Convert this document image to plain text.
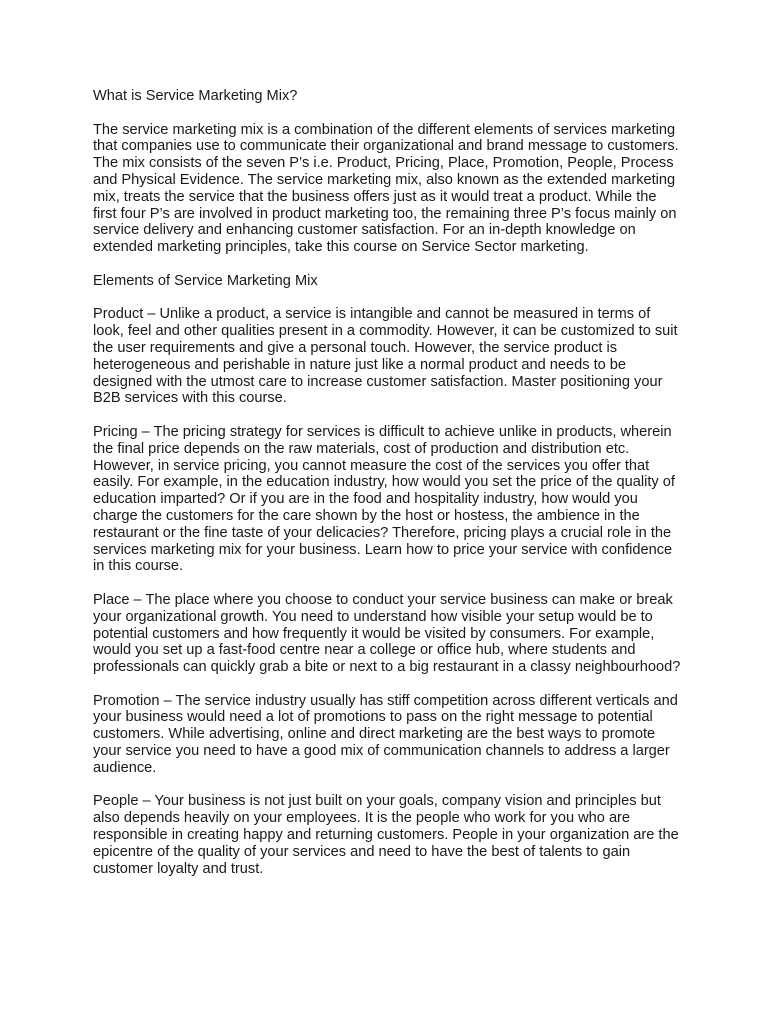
What is Service Marketing Mix?

The service marketing mix is a combination of the different elements of services marketing that companies use to communicate their organizational and brand message to customers. The mix consists of the seven P’s i.e. Product, Pricing, Place, Promotion, People, Process and Physical Evidence. The service marketing mix, also known as the extended marketing mix, treats the service that the business offers just as it would treat a product. While the first four P’s are involved in product marketing too, the remaining three P’s focus mainly on service delivery and enhancing customer satisfaction. For an in-depth knowledge on extended marketing principles, take this course on Service Sector marketing.

Elements of Service Marketing Mix

Product – Unlike a product, a service is intangible and cannot be measured in terms of look, feel and other qualities present in a commodity. However, it can be customized to suit the user requirements and give a personal touch. However, the service product is heterogeneous and perishable in nature just like a normal product and needs to be designed with the utmost care to increase customer satisfaction. Master positioning your B2B services with this course.

Pricing – The pricing strategy for services is difficult to achieve unlike in products, wherein the final price depends on the raw materials, cost of production and distribution etc. However, in service pricing, you cannot measure the cost of the services you offer that easily. For example, in the education industry, how would you set the price of the quality of education imparted? Or if you are in the food and hospitality industry, how would you charge the customers for the care shown by the host or hostess, the ambience in the restaurant or the fine taste of your delicacies? Therefore, pricing plays a crucial role in the services marketing mix for your business. Learn how to price your service with confidence in this course.

Place – The place where you choose to conduct your service business can make or break your organizational growth. You need to understand how visible your setup would be to potential customers and how frequently it would be visited by consumers. For example, would you set up a fast-food centre near a college or office hub, where students and professionals can quickly grab a bite or next to a big restaurant in a classy neighbourhood?

Promotion – The service industry usually has stiff competition across different verticals and your business would need a lot of promotions to pass on the right message to potential customers. While advertising, online and direct marketing are the best ways to promote your service you need to have a good mix of communication channels to address a larger audience.

People – Your business is not just built on your goals, company vision and principles but also depends heavily on your employees. It is the people who work for you who are responsible in creating happy and returning customers. People in your organization are the epicentre of the quality of your services and need to have the best of talents to gain customer loyalty and trust.
